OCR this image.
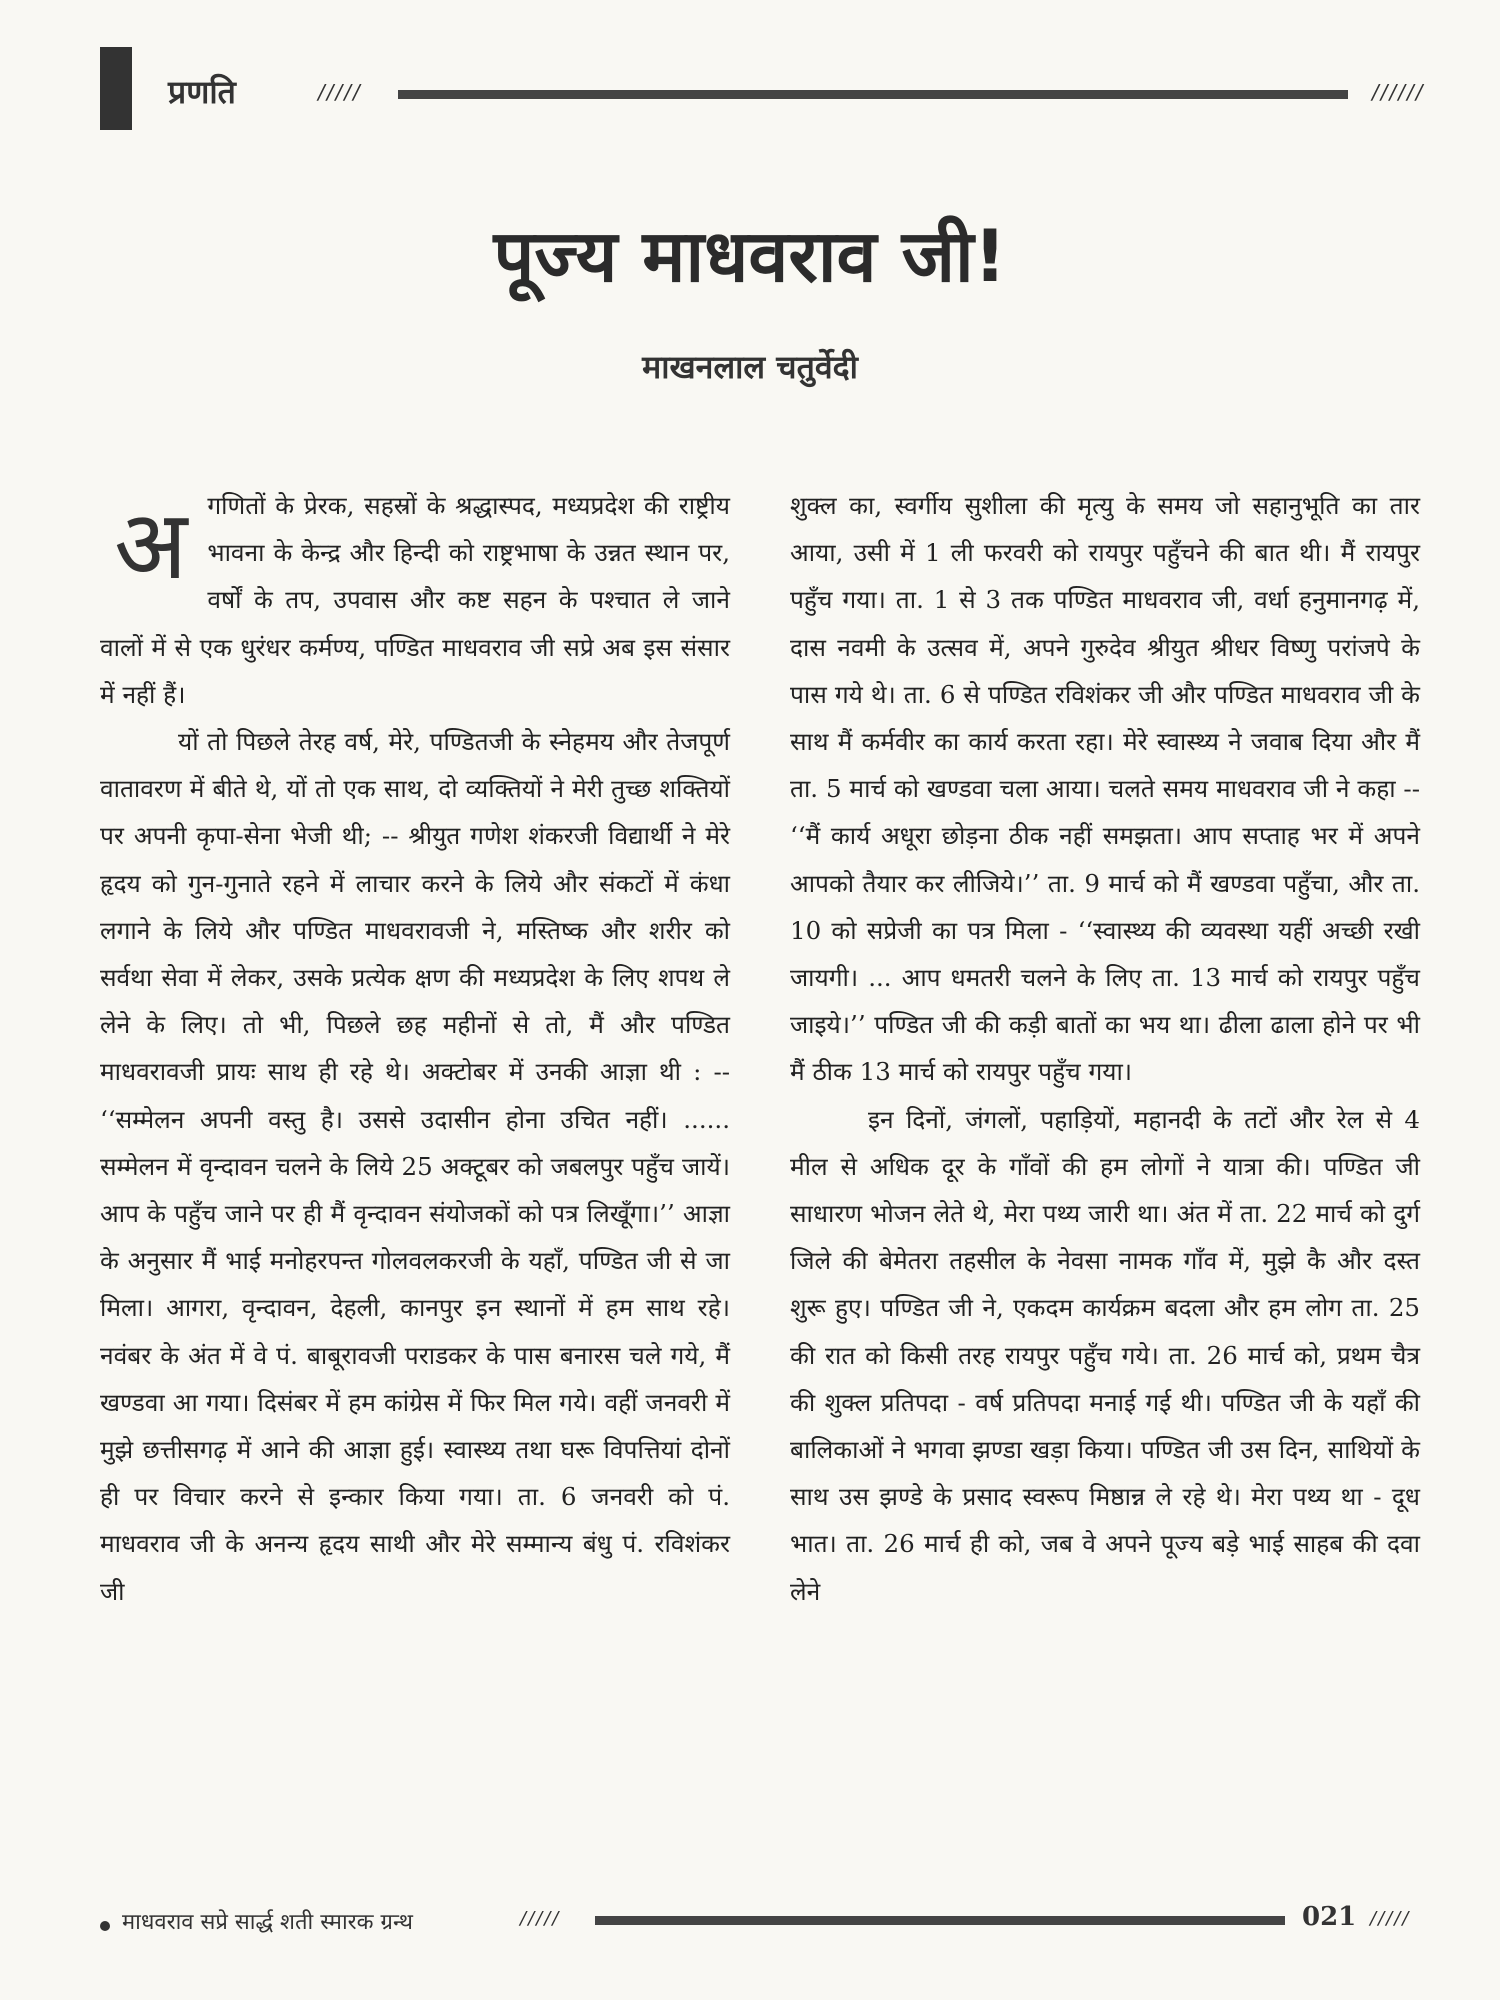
प्रणति	/////	//////
पूज्य माधवराव जी!
माखनलाल चतुर्वेदी
अ गणितों के प्रेरक, सहस्रों के श्रद्धास्पद, मध्यप्रदेश की राष्ट्रीय भावना के केन्द्र और हिन्दी को राष्ट्रभाषा के उन्नत स्थान पर, वर्षों के तप, उपवास और कष्ट सहन के पश्चात ले जाने वालों में से एक धुरंधर कर्मण्य, पण्डित माधवराव जी सप्रे अब इस संसार में नहीं हैं।

यों तो पिछले तेरह वर्ष, मेरे, पण्डितजी के स्नेहमय और तेजपूर्ण वातावरण में बीते थे, यों तो एक साथ, दो व्यक्तियों ने मेरी तुच्छ शक्तियों पर अपनी कृपा-सेना भेजी थी; -- श्रीयुत गणेश शंकरजी विद्यार्थी ने मेरे हृदय को गुन-गुनाते रहने में लाचार करने के लिये और संकटों में कंधा लगाने के लिये और पण्डित माधवरावजी ने, मस्तिष्क और शरीर को सर्वथा सेवा में लेकर, उसके प्रत्येक क्षण की मध्यप्रदेश के लिए शपथ ले लेने के लिए। तो भी, पिछले छह महीनों से तो, मैं और पण्डित माधवरावजी प्रायः साथ ही रहे थे। अक्टोबर में उनकी आज्ञा थी : -- ‘‘सम्मेलन अपनी वस्तु है। उससे उदासीन होना उचित नहीं। ...... सम्मेलन में वृन्दावन चलने के लिये 25 अक्टूबर को जबलपुर पहुँच जायें। आप के पहुँच जाने पर ही मैं वृन्दावन संयोजकों को पत्र लिखूँगा।’’ आज्ञा के अनुसार मैं भाई मनोहरपन्त गोलवलकरजी के यहाँ, पण्डित जी से जा मिला। आगरा, वृन्दावन, देहली, कानपुर इन स्थानों में हम साथ रहे। नवंबर के अंत में वे पं. बाबूरावजी पराडकर के पास बनारस चले गये, मैं खण्डवा आ गया। दिसंबर में हम कांग्रेस में फिर मिल गये। वहीं जनवरी में मुझे छत्तीसगढ़ में आने की आज्ञा हुई। स्वास्थ्य तथा घरू विपत्तियां दोनों ही पर विचार करने से इन्कार किया गया। ता. 6 जनवरी को पं. माधवराव जी के अनन्य हृदय साथी और मेरे सम्मान्य बंधु पं. रविशंकर जी

शुक्ल का, स्वर्गीय सुशीला की मृत्यु के समय जो सहानुभूति का तार आया, उसी में 1 ली फरवरी को रायपुर पहुँचने की बात थी। मैं रायपुर पहुँच गया। ता. 1 से 3 तक पण्डित माधवराव जी, वर्धा हनुमानगढ़ में, दास नवमी के उत्सव में, अपने गुरुदेव श्रीयुत श्रीधर विष्णु परांजपे के पास गये थे। ता. 6 से पण्डित रविशंकर जी और पण्डित माधवराव जी के साथ मैं कर्मवीर का कार्य करता रहा। मेरे स्वास्थ्य ने जवाब दिया और मैं ता. 5 मार्च को खण्डवा चला आया। चलते समय माधवराव जी ने कहा -- ‘‘मैं कार्य अधूरा छोड़ना ठीक नहीं समझता। आप सप्ताह भर में अपने आपको तैयार कर लीजिये।’’ ता. 9 मार्च को मैं खण्डवा पहुँचा, और ता. 10 को सप्रेजी का पत्र मिला - ‘‘स्वास्थ्य की व्यवस्था यहीं अच्छी रखी जायगी। ... आप धमतरी चलने के लिए ता. 13 मार्च को रायपुर पहुँच जाइये।’’ पण्डित जी की कड़ी बातों का भय था। ढीला ढाला होने पर भी मैं ठीक 13 मार्च को रायपुर पहुँच गया।

इन दिनों, जंगलों, पहाड़ियों, महानदी के तटों और रेल से 4 मील से अधिक दूर के गाँवों की हम लोगों ने यात्रा की। पण्डित जी साधारण भोजन लेते थे, मेरा पथ्य जारी था। अंत में ता. 22 मार्च को दुर्ग जिले की बेमेतरा तहसील के नेवसा नामक गाँव में, मुझे कै और दस्त शुरू हुए। पण्डित जी ने, एकदम कार्यक्रम बदला और हम लोग ता. 25 की रात को किसी तरह रायपुर पहुँच गये। ता. 26 मार्च को, प्रथम चैत्र की शुक्ल प्रतिपदा - वर्ष प्रतिपदा मनाई गई थी। पण्डित जी के यहाँ की बालिकाओं ने भगवा झण्डा खड़ा किया। पण्डित जी उस दिन, साथियों के साथ उस झण्डे के प्रसाद स्वरूप मिष्ठान्न ले रहे थे। मेरा पथ्य था - दूध भात। ता. 26 मार्च ही को, जब वे अपने पूज्य बड़े भाई साहब की दवा लेने

माधवराव सप्रे सार्द्ध शती स्मारक ग्रन्थ	/////	021 /////
